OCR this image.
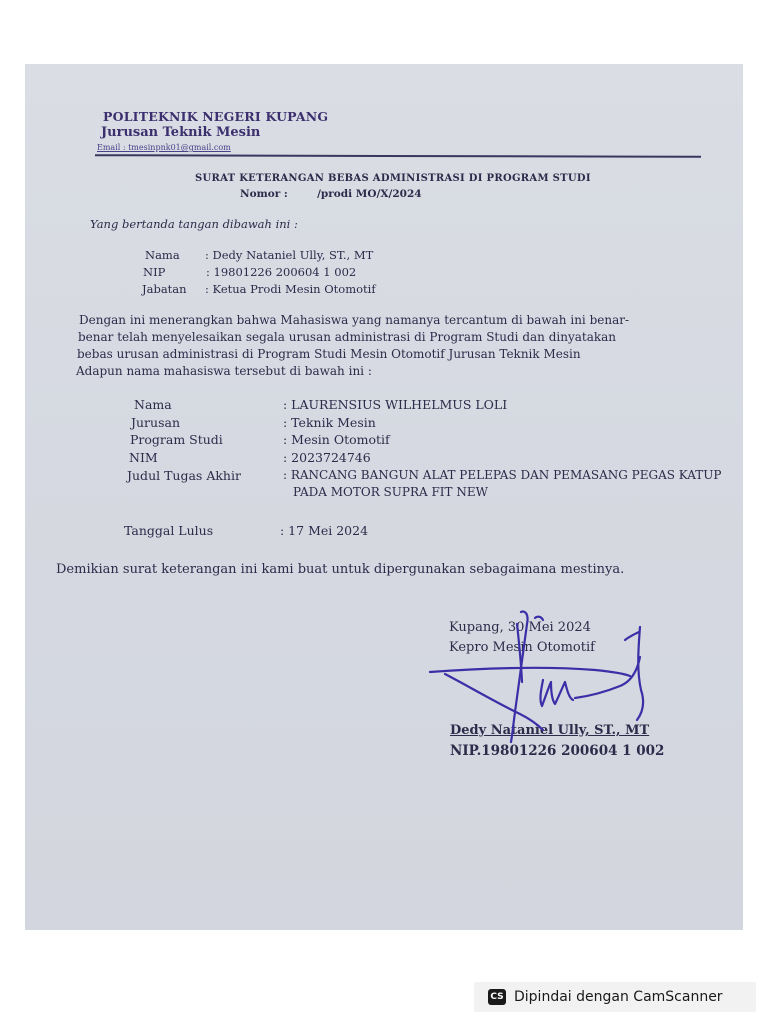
POLITEKNIK NEGERI KUPANG
Jurusan Teknik Mesin
Email : tmesinpnk01@gmail.com
SURAT KETERANGAN BEBAS ADMINISTRASI DI PROGRAM STUDI
Nomor :	/prodi MO/X/2024
Yang bertanda tangan dibawah ini :
Nama : Dedy Nataniel Ully, ST., MT
NIP	: 19801226 200604 1 002
Jabatan : Ketua Prodi Mesin Otomotif
Dengan ini menerangkan bahwa Mahasiswa yang namanya tercantum di bawah ini benar-
benar telah menyelesaikan segala urusan administrasi di Program Studi dan dinyatakan
bebas urusan administrasi di Program Studi Mesin Otomotif Jurusan Teknik Mesin
Adapun nama mahasiswa tersebut di bawah ini :
Nama	: LAURENSIUS WILHELMUS LOLI
Jurusan	: Teknik Mesin
Program Studi	: Mesin Otomotif
NIM	: 2023724746
Judul Tugas Akhir	: RANCANG BANGUN ALAT PELEPAS DAN PEMASANG PEGAS KATUP
PADA MOTOR SUPRA FIT NEW
Tanggal Lulus	: 17 Mei 2024
Demikian surat keterangan ini kami buat untuk dipergunakan sebagaimana mestinya.
Kupang, 30 Mei 2024
Kepro Mesin Otomotif
Dedy Nataniel Ully, ST., MT
NIP.19801226 200604 1 002
CS Dipindai dengan CamScanner
